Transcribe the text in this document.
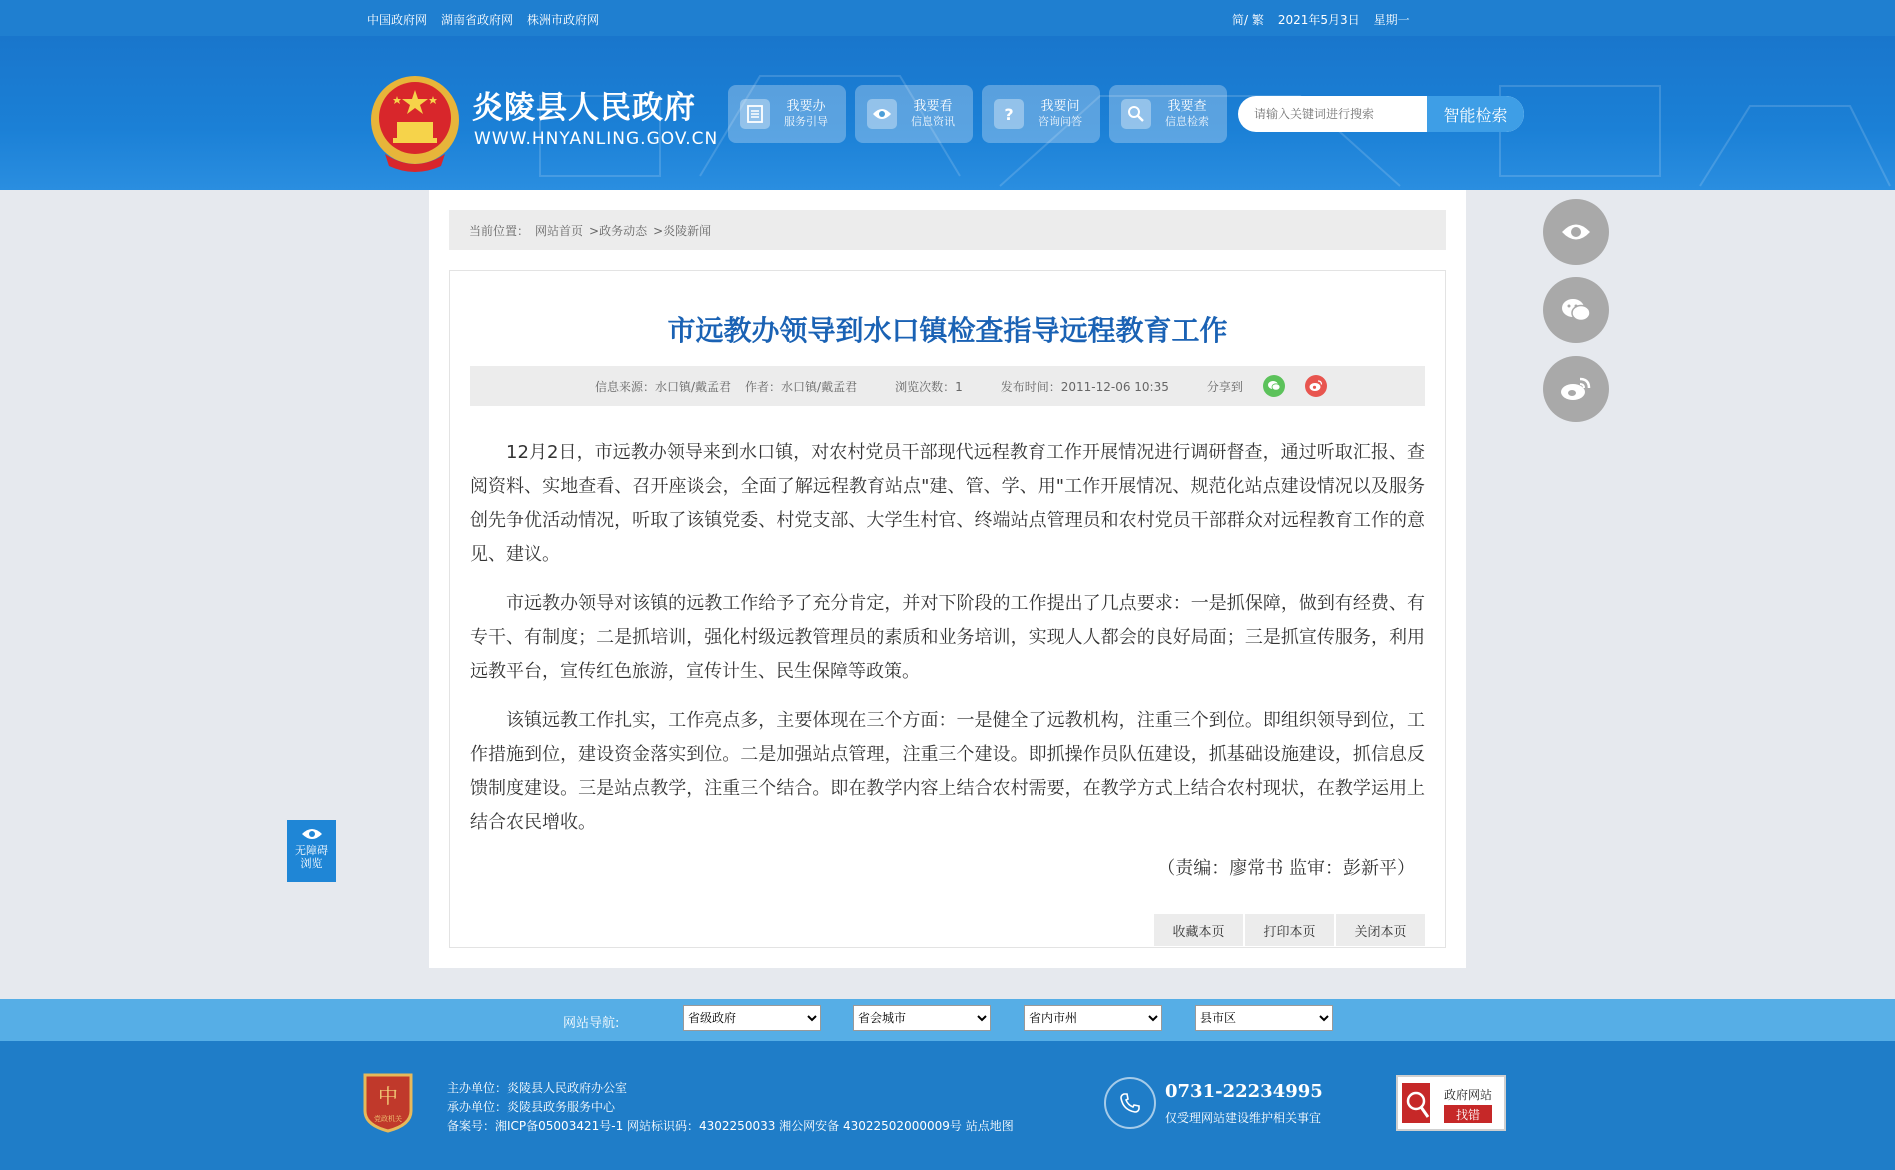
中国政府网 湖南省政府网 株洲市政府网	简/ 繁 2021年5月3日 星期一
炎陵县人民政府
WWW.HNYANLING.GOV.CN
我要办
服务引导
我要看
信息资讯	?	我要问
咨询问答
我要查
信息检索
请输入关键词进行搜索	智能检索
当前位置： 网站首页 >政务动态 >炎陵新闻
市远教办领导到水口镇检查指导远程教育工作
信息来源：水口镇/戴孟君 作者：水口镇/戴孟君	浏览次数：1	发布时间：2011-12-06 10:35	分享到

12月2日，市远教办领导来到水口镇，对农村党员干部现代远程教育工作开展情况进行调研督查，通过听取汇报、查阅资料、实地查看、召开座谈会，全面了解远程教育站点"建、管、学、用"工作开展情况、规范化站点建设情况以及服务创先争优活动情况，听取了该镇党委、村党支部、大学生村官、终端站点管理员和农村党员干部群众对远程教育工作的意见、建议。

市远教办领导对该镇的远教工作给予了充分肯定，并对下阶段的工作提出了几点要求：一是抓保障，做到有经费、有专干、有制度；二是抓培训，强化村级远教管理员的素质和业务培训，实现人人都会的良好局面；三是抓宣传服务，利用远教平台，宣传红色旅游，宣传计生、民生保障等政策。

该镇远教工作扎实，工作亮点多，主要体现在三个方面：一是健全了远教机构，注重三个到位。即组织领导到位，工作措施到位，建设资金落实到位。二是加强站点管理，注重三个建设。即抓操作员队伍建设，抓基础设施建设，抓信息反馈制度建设。三是站点教学，注重三个结合。即在教学内容上结合农村需要，在教学方式上结合农村现状，在教学运用上结合农民增收。

（责编：廖常书 监审：彭新平）
收藏本页	打印本页	关闭本页
无障碍
浏览
网站导航:
省级政府
省会城市
省内市州
县市区
中
党政机关
主办单位：炎陵县人民政府办公室
承办单位：炎陵县政务服务中心
备案号：湘ICP备05003421号-1 网站标识码：4302250033 湘公网安备 43022502000009号 站点地图
0731-22234995
仅受理网站建设维护相关事宜
政府网站
找错
